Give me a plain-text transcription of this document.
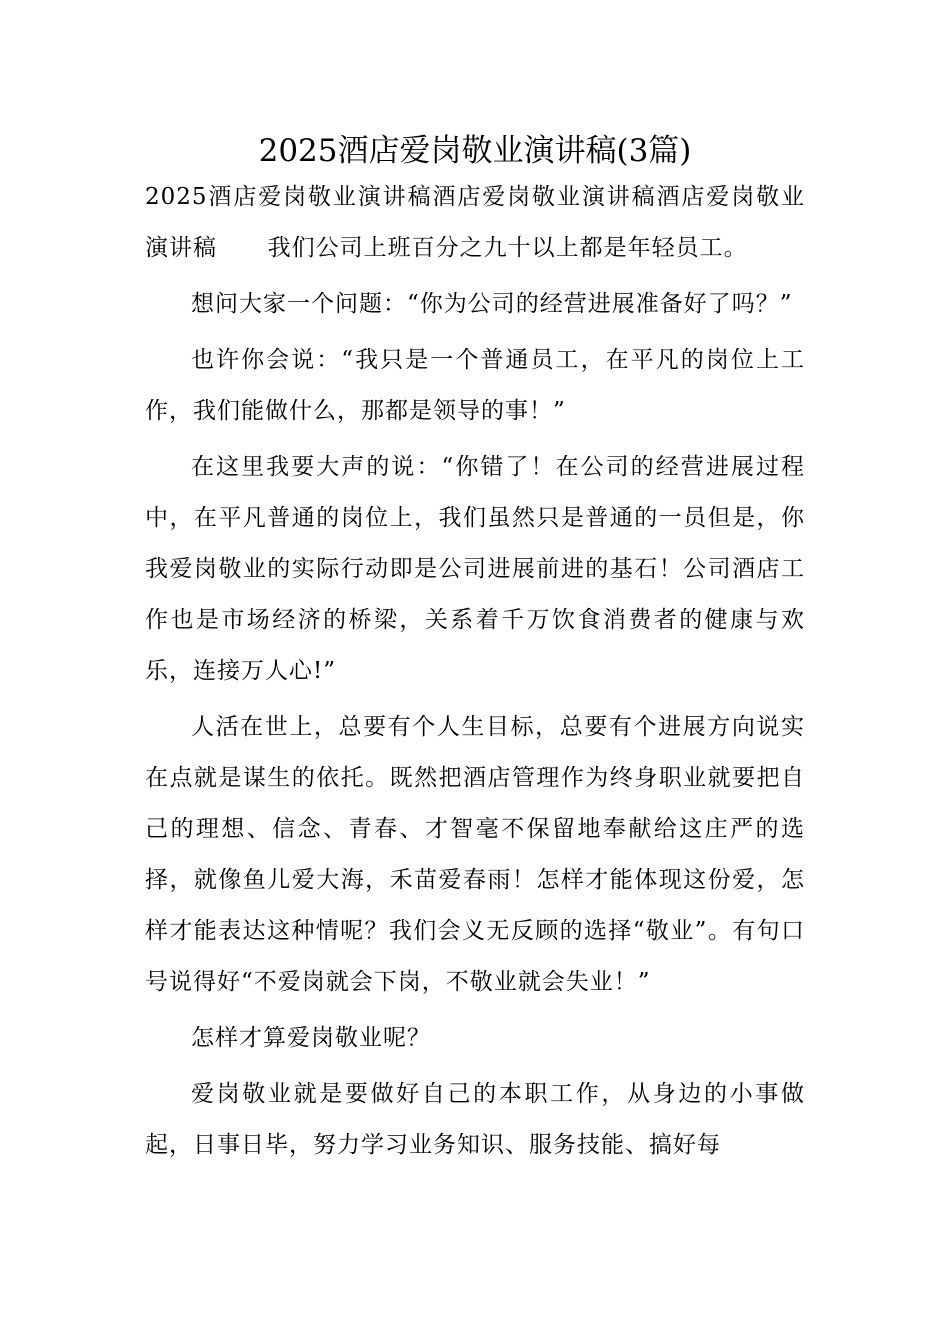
2025酒店爱岗敬业演讲稿(3篇)

2025酒店爱岗敬业演讲稿酒店爱岗敬业演讲稿酒店爱岗敬业演讲稿 我们公司上班百分之九十以上都是年轻员工。

想问大家一个问题：“你为公司的经营进展准备好了吗？”

也许你会说：“我只是一个普通员工，在平凡的岗位上工作，我们能做什么，那都是领导的事！”

在这里我要大声的说：“你错了！在公司的经营进展过程中，在平凡普通的岗位上，我们虽然只是普通的一员但是，你我爱岗敬业的实际行动即是公司进展前进的基石！公司酒店工作也是市场经济的桥梁，关系着千万饮食消费者的健康与欢乐，连接万人心!”

人活在世上，总要有个人生目标，总要有个进展方向说实在点就是谋生的依托。既然把酒店管理作为终身职业就要把自己的理想、信念、青春、才智毫不保留地奉献给这庄严的选择，就像鱼儿爱大海，禾苗爱春雨！怎样才能体现这份爱，怎样才能表达这种情呢？我们会义无反顾的选择“敬业”。有句口号说得好“不爱岗就会下岗，不敬业就会失业！”

怎样才算爱岗敬业呢？

爱岗敬业就是要做好自己的本职工作，从身边的小事做起，日事日毕，努力学习业务知识、服务技能、搞好每
